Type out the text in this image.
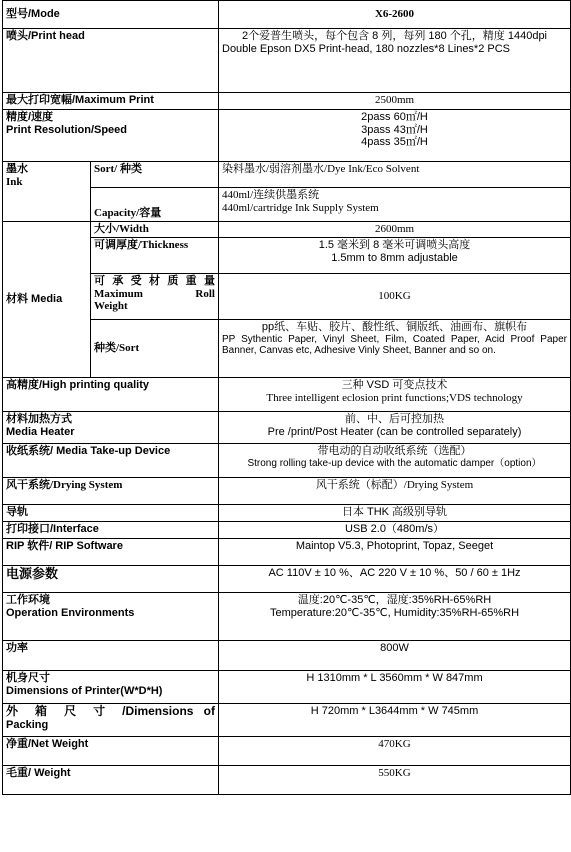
型号/Mode		X6-2600
喷头/Print head		2个爱普生喷头，每个包含 8 列，每列 180 个孔，精度 1440dpi
Double Epson DX5 Print-head, 180 nozzles*8 Lines*2 PCS

最大打印宽幅/Maximum Print		2500mm

精度/速度
Print Resolution/Speed		2pass 60㎡/H
3pass 43㎡/H
4pass 35㎡/H

墨水
Ink	Sort/ 种类	染料墨水/弱溶剂墨水/Dye Ink/Eco Solvent
	Capacity/容量	440ml/连续供墨系统
440ml/cartridge Ink Supply System

材料 Media	大小/Width	2600mm
	可调厚度/Thickness	1.5 毫米到 8 毫米可调喷头高度
1.5mm to 8mm adjustable

	可承受材质重量
Maximum Roll
Weight	100KG
	种类/Sort	pp纸、车贴、胶片、酸性纸、铜版纸、油画布、旗帜布
PP Sythentic Paper, Vinyl Sheet, Film, Coated Paper, Acid Proof Paper Banner, Canvas etc, Adhesive Vinly Sheet, Banner and so on.

高精度/High printing quality		三种 VSD 可变点技术
Three intelligent eclosion print functions;VDS technology

材料加热方式
Media Heater		前、中、后可控加热
Pre /print/Post Heater (can be controlled separately)

收纸系统/ Media Take-up Device		带电动的自动收纸系统（选配）
Strong rolling take-up device with the automatic damper（option）

风干系统/Drying System		风干系统（标配）/Drying System
导轨		日本 THK 高级别导轨
打印接口/Interface		USB 2.0（480m/s）
RIP 软件/ RIP Software		Maintop V5.3, Photoprint, Topaz, Seeget
电源参数		AC 110V ± 10 %、AC 220 V ± 10 %、50 / 60 ± 1Hz

工作环境
Operation Environments		温度:20℃-35℃，湿度:35%RH-65%RH
Temperature:20℃-35℃, Humidity:35%RH-65%RH

功率		800W

机身尺寸
Dimensions of Printer(W*D*H)		H 1310mm * L 3560mm * W 847mm

外 箱 尺 寸 /Dimensions of
Packing		H 720mm * L3644mm * W 745mm
净重/Net Weight		470KG
毛重/ Weight		550KG
